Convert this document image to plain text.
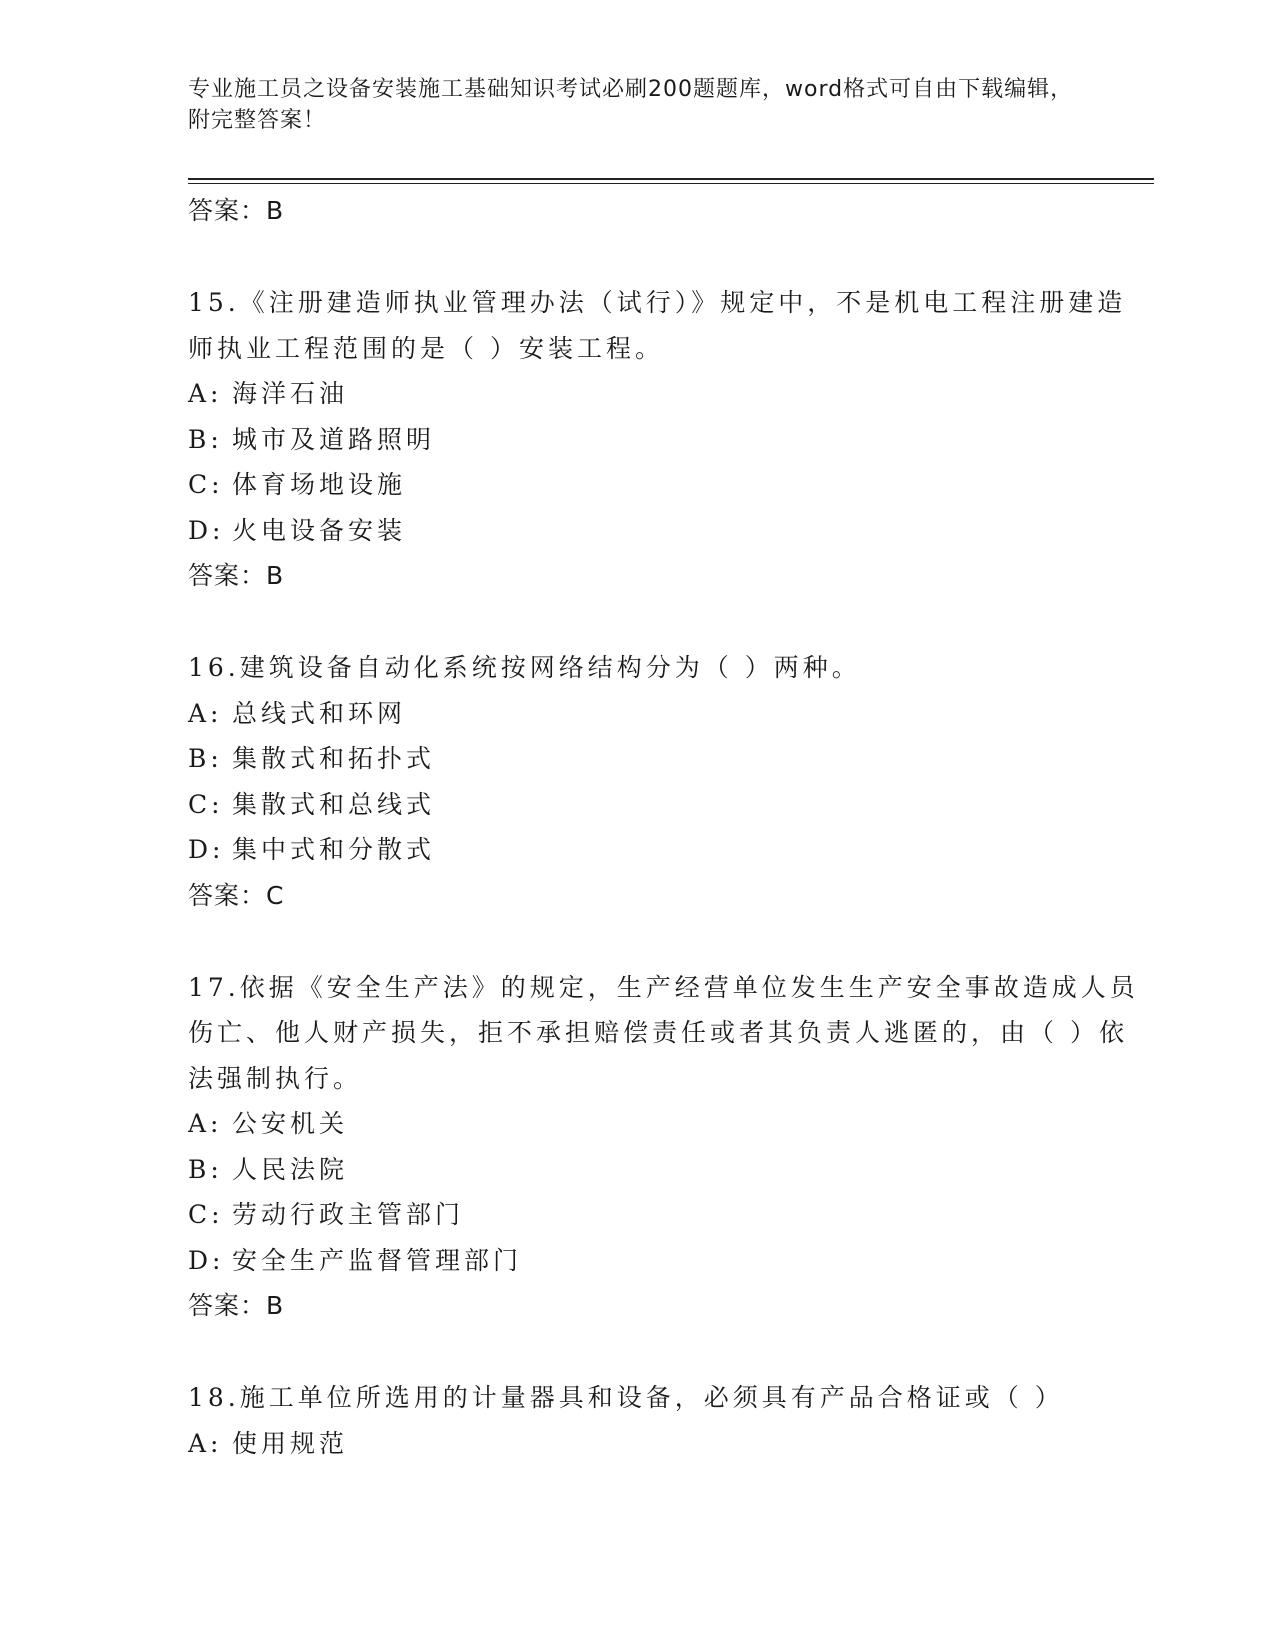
专业施工员之设备安装施工基础知识考试必刷200题题库，word格式可自由下载编辑，附完整答案！
答案：B
15.《注册建造师执业管理办法（试行）》规定中，不是机电工程注册建造师执业工程范围的是（ ）安装工程。
A: 海洋石油
B: 城市及道路照明
C: 体育场地设施
D: 火电设备安装
答案：B
16.建筑设备自动化系统按网络结构分为（ ）两种。
A: 总线式和环网
B: 集散式和拓扑式
C: 集散式和总线式
D: 集中式和分散式
答案：C
17.依据《安全生产法》的规定，生产经营单位发生生产安全事故造成人员伤亡、他人财产损失，拒不承担赔偿责任或者其负责人逃匿的，由（ ）依法强制执行。
A: 公安机关
B: 人民法院
C: 劳动行政主管部门
D: 安全生产监督管理部门
答案：B
18.施工单位所选用的计量器具和设备，必须具有产品合格证或（ ）
A: 使用规范
